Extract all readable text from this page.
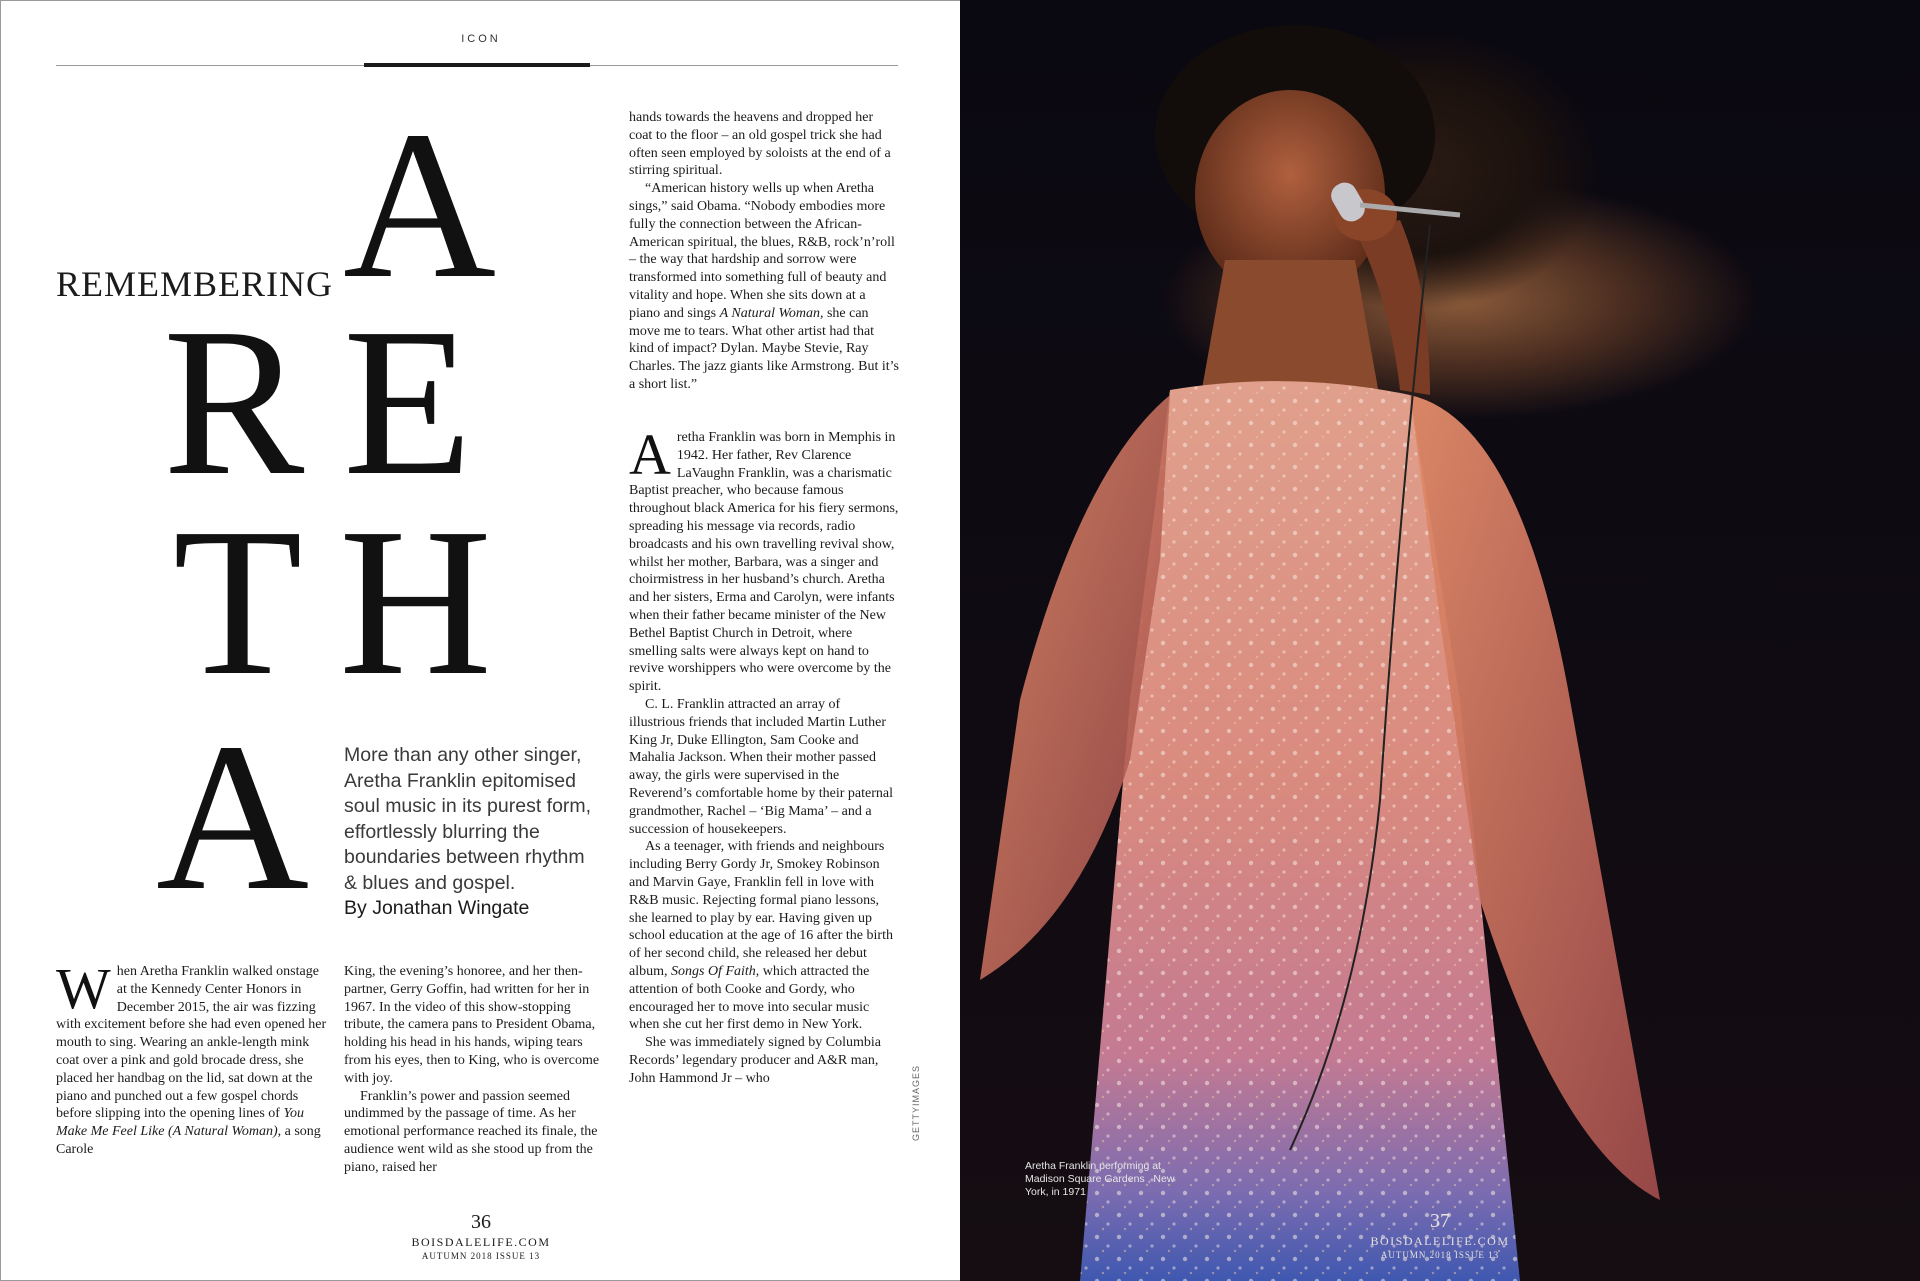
ICON
REMEMBERING A
R E
T H
A More than any other singer, Aretha Franklin epitomised soul music in its purest form, effortlessly blurring the boundaries between rhythm & blues and gospel.
By Jonathan Wingate

When Aretha Franklin walked onstage at the Kennedy Center Honors in December 2015, the air was fizzing with excitement before she had even opened her mouth to sing. Wearing an ankle-length mink coat over a pink and gold brocade dress, she placed her handbag on the lid, sat down at the piano and punched out a few gospel chords before slipping into the opening lines of You Make Me Feel Like (A Natural Woman), a song Carole

King, the evening’s honoree, and her then-partner, Gerry Goffin, had written for her in 1967. In the video of this show-stopping tribute, the camera pans to President Obama, holding his head in his hands, wiping tears from his eyes, then to King, who is overcome with joy.

Franklin’s power and passion seemed undimmed by the passage of time. As her emotional performance reached its finale, the audience went wild as she stood up from the piano, raised her

hands towards the heavens and dropped her coat to the floor – an old gospel trick she had often seen employed by soloists at the end of a stirring spiritual.

“American history wells up when Aretha sings,” said Obama. “Nobody embodies more fully the connection between the African-American spiritual, the blues, R&B, rock’n’roll – the way that hardship and sorrow were transformed into something full of beauty and vitality and hope. When she sits down at a piano and sings A Natural Woman, she can move me to tears. What other artist had that kind of impact? Dylan. Maybe Stevie, Ray Charles. The jazz giants like Armstrong. But it’s a short list.”

Aretha Franklin was born in Memphis in 1942. Her father, Rev Clarence LaVaughn Franklin, was a charismatic Baptist preacher, who because famous throughout black America for his fiery sermons, spreading his message via records, radio broadcasts and his own travelling revival show, whilst her mother, Barbara, was a singer and choirmistress in her husband’s church. Aretha and her sisters, Erma and Carolyn, were infants when their father became minister of the New Bethel Baptist Church in Detroit, where smelling salts were always kept on hand to revive worshippers who were overcome by the spirit.

C. L. Franklin attracted an array of illustrious friends that included Martin Luther King Jr, Duke Ellington, Sam Cooke and Mahalia Jackson. When their mother passed away, the girls were supervised in the Reverend’s comfortable home by their paternal grandmother, Rachel – ‘Big Mama’ – and a succession of housekeepers.

As a teenager, with friends and neighbours including Berry Gordy Jr, Smokey Robinson and Marvin Gaye, Franklin fell in love with R&B music. Rejecting formal piano lessons, she learned to play by ear. Having given up school education at the age of 16 after the birth of her second child, she released her debut album, Songs Of Faith, which attracted the attention of both Cooke and Gordy, who encouraged her to move into secular music when she cut her first demo in New York.

She was immediately signed by Columbia Records’ legendary producer and A&R man, John Hammond Jr – who	GETTYIMAGES
36
BOISDALELIFE.COM
AUTUMN 2018 ISSUE 13
Aretha Franklin performing at Madison Square Gardens , New York, in 1971
37
BOISDALELIFE.COM
AUTUMN 2018 ISSUE 13
